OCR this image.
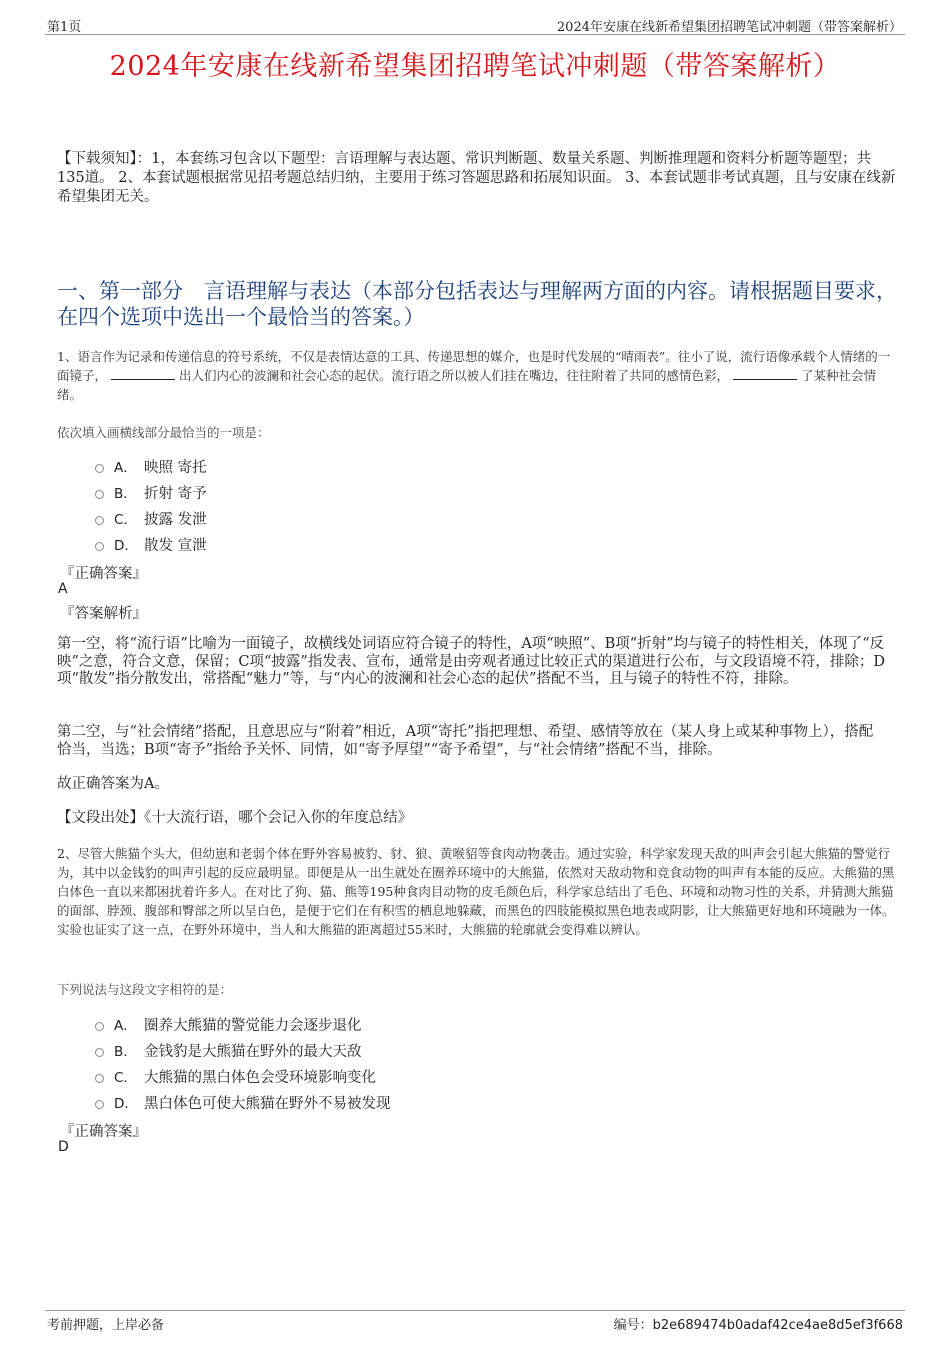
第1页	2024年安康在线新希望集团招聘笔试冲刺题（带答案解析）
2024年安康在线新希望集团招聘笔试冲刺题（带答案解析）
【下载须知】：1，本套练习包含以下题型：言语理解与表达题、常识判断题、数量关系题、判断推理题和资料分析题等题型；共135道。 2、本套试题根据常见招考题总结归纳，主要用于练习答题思路和拓展知识面。 3、本套试题非考试真题，且与安康在线新希望集团无关。
一、第一部分　言语理解与表达（本部分包括表达与理解两方面的内容。请根据题目要求，在四个选项中选出一个最恰当的答案。）
1、语言作为记录和传递信息的符号系统，不仅是表情达意的工具、传递思想的媒介，也是时代发展的“晴雨表”。往小了说，流行语像承载个人情绪的一面镜子，	出人们内心的波澜和社会心态的起伏。流行语之所以被人们挂在嘴边，往往附着了共同的感情色彩，	了某种社会情绪。
依次填入画横线部分最恰当的一项是：
A． 映照 寄托
B． 折射 寄予
C． 披露 发泄
D． 散发 宣泄
『正确答案』
A
『答案解析』
第一空，将“流行语”比喻为一面镜子，故横线处词语应符合镜子的特性，A项“映照”、B项“折射”均与镜子的特性相关，体现了“反映”之意，符合文意，保留；C项“披露”指发表、宣布，通常是由旁观者通过比较正式的渠道进行公布，与文段语境不符，排除；D项“散发”指分散发出，常搭配“魅力”等，与“内心的波澜和社会心态的起伏”搭配不当，且与镜子的特性不符，排除。
第二空，与“社会情绪”搭配，且意思应与“附着”相近，A项“寄托”指把理想、希望、感情等放在（某人身上或某种事物上），搭配恰当，当选；B项“寄予”指给予关怀、同情，如“寄予厚望”“寄予希望”，与“社会情绪”搭配不当，排除。
故正确答案为A。
【文段出处】《十大流行语，哪个会记入你的年度总结》
2、尽管大熊猫个头大，但幼崽和老弱个体在野外容易被豹、豺、狼、黄喉貂等食肉动物袭击。通过实验，科学家发现天敌的叫声会引起大熊猫的警觉行为，其中以金钱豹的叫声引起的反应最明显。即便是从一出生就处在圈养环境中的大熊猫，依然对天敌动物和竞食动物的叫声有本能的反应。大熊猫的黑白体色一直以来都困扰着许多人。在对比了狗、猫、熊等195种食肉目动物的皮毛颜色后，科学家总结出了毛色、环境和动物习性的关系，并猜测大熊猫的面部、脖颈、腹部和臀部之所以呈白色，是便于它们在有积雪的栖息地躲藏，而黑色的四肢能模拟黑色地表或阴影，让大熊猫更好地和环境融为一体。实验也证实了这一点，在野外环境中，当人和大熊猫的距离超过55米时，大熊猫的轮廓就会变得难以辨认。
下列说法与这段文字相符的是：
A． 圈养大熊猫的警觉能力会逐步退化
B． 金钱豹是大熊猫在野外的最大天敌
C． 大熊猫的黑白体色会受环境影响变化
D． 黑白体色可使大熊猫在野外不易被发现
『正确答案』
D
考前押题，上岸必备	编号：b2e689474b0adaf42ce4ae8d5ef3f668
